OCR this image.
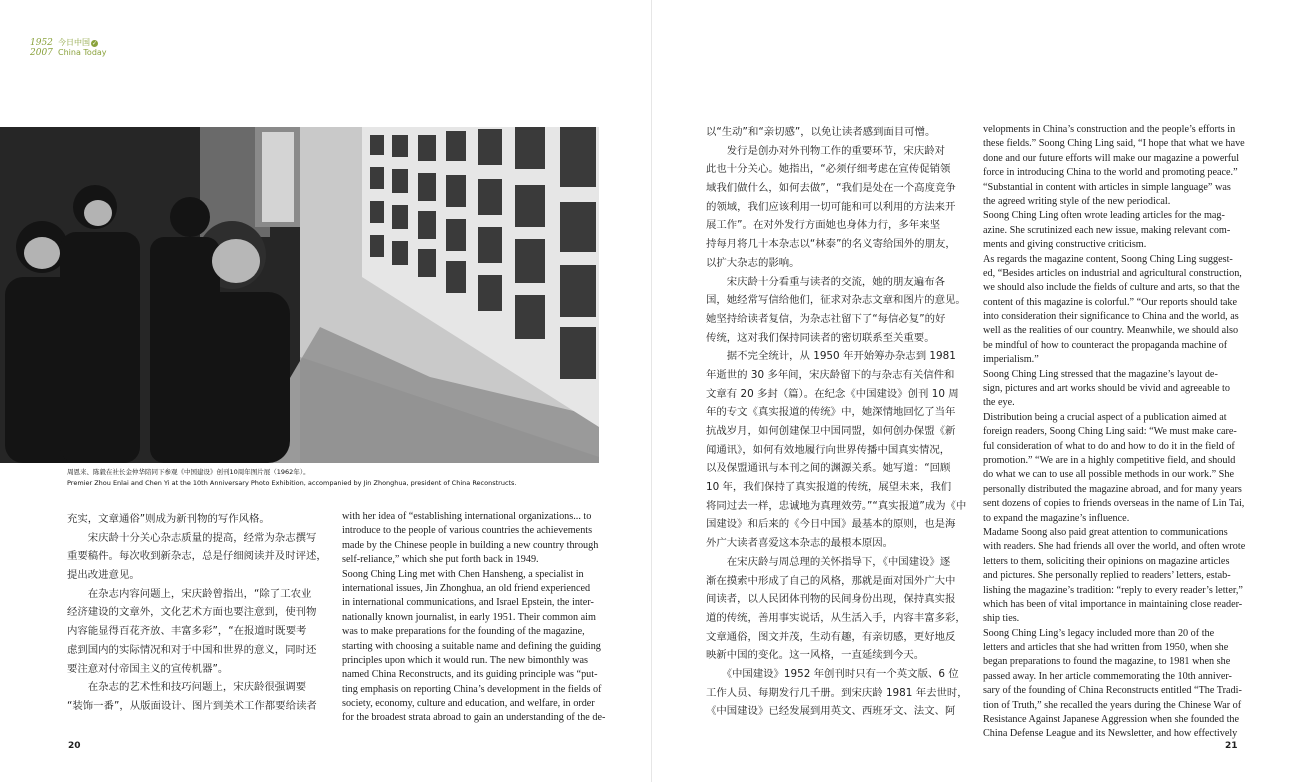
1952
2007
今日中国 ✓
China Today
周恩来、陈毅在社长金仲华陪同下参观《中国建设》创刊10周年图片展（1962年）。
Premier Zhou Enlai and Chen Yi at the 10th Anniversary Photo Exhibition, accompanied by Jin Zhonghua, president of China Reconstructs.
充实，文章通俗”则成为新刊物的写作风格。
　　宋庆龄十分关心杂志质量的提高，经常为杂志撰写
重要稿件。每次收到新杂志，总是仔细阅读并及时评述，
提出改进意见。
　　在杂志内容问题上，宋庆龄曾指出，“除了工农业
经济建设的文章外，文化艺术方面也要注意到，使刊物
内容能显得百花齐放、丰富多彩”，“在报道时既要考
虑到国内的实际情况和对于中国和世界的意义，同时还
要注意对付帝国主义的宣传机器”。
　　在杂志的艺术性和技巧问题上，宋庆龄很强调要
“装饰一番”，从版面设计、图片到美术工作都要给读者
with her idea of “establishing international organizations... to
introduce to the people of various countries the achievements
made by the Chinese people in building a new country through
self-reliance,” which she put forth back in 1949.
Soong Ching Ling met with Chen Hansheng, a specialist in
international issues, Jin Zhonghua, an old friend experienced
in international communications, and Israel Epstein, the inter-
nationally known journalist, in early 1951. Their common aim
was to make preparations for the founding of the magazine,
starting with choosing a suitable name and defining the guiding
principles upon which it would run. The new bimonthly was
named China Reconstructs, and its guiding principle was “put-
ting emphasis on reporting China’s development in the fields of
society, economy, culture and education, and welfare, in order
for the broadest strata abroad to gain an understanding of the de-
以“生动”和“亲切感”，以免让读者感到面目可憎。
　　发行是创办对外刊物工作的重要环节，宋庆龄对
此也十分关心。她指出，“必须仔细考虑在宣传促销领
域我们做什么，如何去做”，“我们是处在一个高度竞争
的领域，我们应该利用一切可能和可以利用的方法来开
展工作”。在对外发行方面她也身体力行，多年来坚
持每月将几十本杂志以“林泰”的名义寄给国外的朋友，
以扩大杂志的影响。
　　宋庆龄十分看重与读者的交流，她的朋友遍布各
国，她经常写信给他们，征求对杂志文章和图片的意见。
她坚持给读者复信，为杂志社留下了“每信必复”的好
传统，这对我们保持同读者的密切联系至关重要。
　　据不完全统计，从 1950 年开始筹办杂志到 1981
年逝世的 30 多年间，宋庆龄留下的与杂志有关信件和
文章有 20 多封（篇）。在纪念《中国建设》创刊 10 周
年的专文《真实报道的传统》中，她深情地回忆了当年
抗战岁月，如何创建保卫中国同盟，如何创办保盟《新
闻通讯》，如何有效地履行向世界传播中国真实情况，
以及保盟通讯与本刊之间的渊源关系。她写道：“回顾
10 年，我们保持了真实报道的传统，展望未来，我们
将同过去一样，忠诚地为真理效劳。”“真实报道”成为《中
国建设》和后来的《今日中国》最基本的原则，也是海
外广大读者喜爱这本杂志的最根本原因。
　　在宋庆龄与周总理的关怀指导下，《中国建设》逐
渐在摸索中形成了自己的风格，那就是面对国外广大中
间读者，以人民团体刊物的民间身份出现，保持真实报
道的传统，善用事实说话，从生活入手，内容丰富多彩，
文章通俗，图文并茂，生动有趣，有亲切感，更好地反
映新中国的变化。这一风格，一直延续到今天。
　　《中国建设》1952 年创刊时只有一个英文版、6 位
工作人员、每期发行几千册。到宋庆龄 1981 年去世时，
《中国建设》已经发展到用英文、西班牙文、法文、阿
velopments in China’s construction and the people’s efforts in
these fields.” Soong Ching Ling said, “I hope that what we have
done and our future efforts will make our magazine a powerful
force in introducing China to the world and promoting peace.”
“Substantial in content with articles in simple language” was
the agreed writing style of the new periodical.
Soong Ching Ling often wrote leading articles for the mag-
azine. She scrutinized each new issue, making relevant com-
ments and giving constructive criticism.
As regards the magazine content, Soong Ching Ling suggest-
ed, “Besides articles on industrial and agricultural construction,
we should also include the fields of culture and arts, so that the
content of this magazine is colorful.” “Our reports should take
into consideration their significance to China and the world, as
well as the realities of our country. Meanwhile, we should also
be mindful of how to counteract the propaganda machine of
imperialism.”
Soong Ching Ling stressed that the magazine’s layout de-
sign, pictures and art works should be vivid and agreeable to
the eye.
Distribution being a crucial aspect of a publication aimed at
foreign readers, Soong Ching Ling said: “We must make care-
ful consideration of what to do and how to do it in the field of
promotion.” “We are in a highly competitive field, and should
do what we can to use all possible methods in our work.” She
personally distributed the magazine abroad, and for many years
sent dozens of copies to friends overseas in the name of Lin Tai,
to expand the magazine’s influence.
Madame Soong also paid great attention to communications
with readers. She had friends all over the world, and often wrote
letters to them, soliciting their opinions on magazine articles
and pictures. She personally replied to readers’ letters, estab-
lishing the magazine’s tradition: “reply to every reader’s letter,”
which has been of vital importance in maintaining close reader-
ship ties.
Soong Ching Ling’s legacy included more than 20 of the
letters and articles that she had written from 1950, when she
began preparations to found the magazine, to 1981 when she
passed away. In her article commemorating the 10th anniver-
sary of the founding of China Reconstructs entitled “The Tradi-
tion of Truth,” she recalled the years during the Chinese War of
Resistance Against Japanese Aggression when she founded the
China Defense League and its Newsletter, and how effectively
20	21
